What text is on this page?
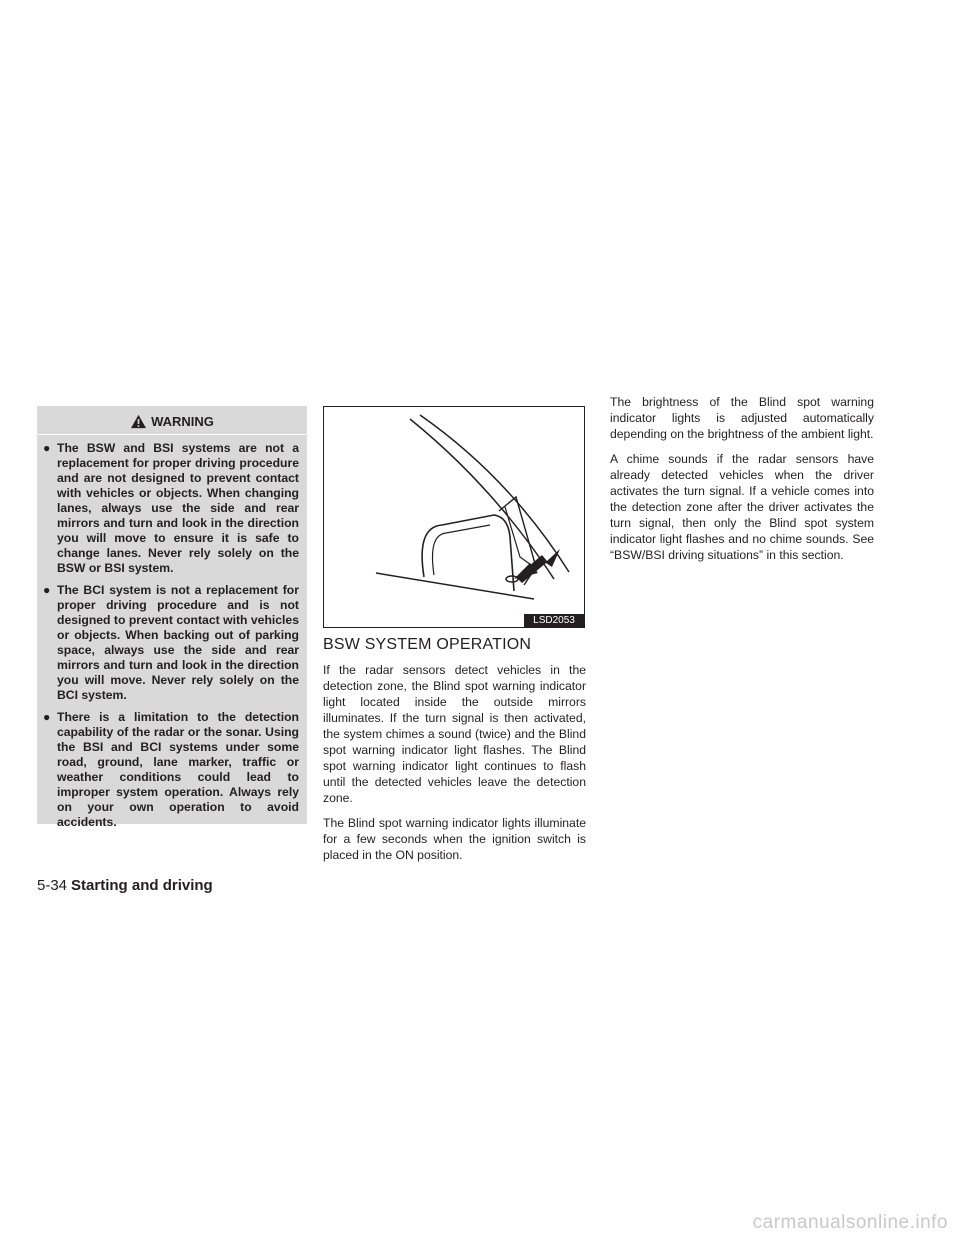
WARNING
● The BSW and BSI systems are not a replacement for proper driving procedure and are not designed to prevent contact with vehicles or objects. When changing lanes, always use the side and rear mirrors and turn and look in the direction you will move to ensure it is safe to change lanes. Never rely solely on the BSW or BSI system.
● The BCI system is not a replacement for proper driving procedure and is not designed to prevent contact with vehicles or objects. When backing out of parking space, always use the side and rear mirrors and turn and look in the direction you will move. Never rely solely on the BCI system.
● There is a limitation to the detection capability of the radar or the sonar. Using the BSI and BCI systems under some road, ground, lane marker, traffic or weather conditions could lead to improper system operation. Always rely on your own operation to avoid accidents.
LSD2053
BSW SYSTEM OPERATION

If the radar sensors detect vehicles in the detection zone, the Blind spot warning indicator light located inside the outside mirrors illuminates. If the turn signal is then activated, the system chimes a sound (twice) and the Blind spot warning indicator light flashes. The Blind spot warning indicator light continues to flash until the detected vehicles leave the detection zone.

The Blind spot warning indicator lights illuminate for a few seconds when the ignition switch is placed in the ON position.

The brightness of the Blind spot warning indicator lights is adjusted automatically depending on the brightness of the ambient light.

A chime sounds if the radar sensors have already detected vehicles when the driver activates the turn signal. If a vehicle comes into the detection zone after the driver activates the turn signal, then only the Blind spot system indicator light flashes and no chime sounds. See “BSW/BSI driving situations” in this section.

5-34 Starting and driving
carmanualsonline.info
